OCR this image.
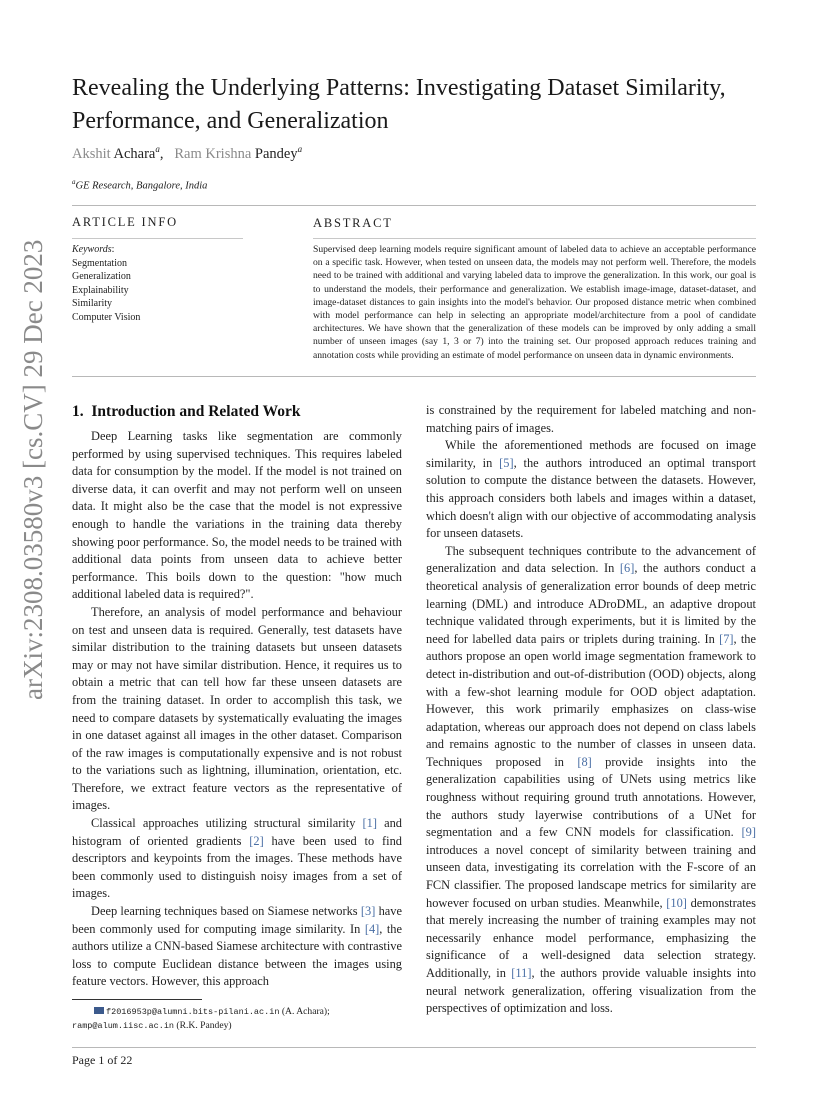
arXiv:2308.03580v3 [cs.CV] 29 Dec 2023
Revealing the Underlying Patterns: Investigating Dataset Similarity, Performance, and Generalization
Akshit Achara$^a$,   Ram Krishna Pandey$^a$
$^a$GE Research, Bangalore, India
ARTICLE INFO	ABSTRACT
Keywords:
Segmentation
Generalization
Explainability
Similarity
Computer Vision
Supervised deep learning models require significant amount of labeled data to achieve an acceptable performance on a specific task. However, when tested on unseen data, the models may not perform well. Therefore, the models need to be trained with additional and varying labeled data to improve the generalization. In this work, our goal is to understand the models, their performance and generalization. We establish image-image, dataset-dataset, and image-dataset distances to gain insights into the model's behavior. Our proposed distance metric when combined with model performance can help in selecting an appropriate model/architecture from a pool of candidate architectures. We have shown that the generalization of these models can be improved by only adding a small number of unseen images (say 1, 3 or 7) into the training set. Our proposed approach reduces training and annotation costs while providing an estimate of model performance on unseen data in dynamic environments.
1. Introduction and Related Work

Deep Learning tasks like segmentation are commonly performed by using supervised techniques. This requires labeled data for consumption by the model. If the model is not trained on diverse data, it can overfit and may not perform well on unseen data. It might also be the case that the model is not expressive enough to handle the variations in the training data thereby showing poor performance. So, the model needs to be trained with additional data points from unseen data to achieve better performance. This boils down to the question: "how much additional labeled data is required?".

Therefore, an analysis of model performance and behaviour on test and unseen data is required. Generally, test datasets have similar distribution to the training datasets but unseen datasets may or may not have similar distribution. Hence, it requires us to obtain a metric that can tell how far these unseen datasets are from the training dataset. In order to accomplish this task, we need to compare datasets by systematically evaluating the images in one dataset against all images in the other dataset. Comparison of the raw images is computationally expensive and is not robust to the variations such as lightning, illumination, orientation, etc. Therefore, we extract feature vectors as the representative of images.

Classical approaches utilizing structural similarity [1] and histogram of oriented gradients [2] have been used to find descriptors and keypoints from the images. These methods have been commonly used to distinguish noisy images from a set of images.

Deep learning techniques based on Siamese networks [3] have been commonly used for computing image similarity. In [4], the authors utilize a CNN-based Siamese architecture with contrastive loss to compute Euclidean distance between the images using feature vectors. However, this approach

is constrained by the requirement for labeled matching and non-matching pairs of images.

While the aforementioned methods are focused on image similarity, in [5], the authors introduced an optimal transport solution to compute the distance between the datasets. However, this approach considers both labels and images within a dataset, which doesn't align with our objective of accommodating analysis for unseen datasets.

The subsequent techniques contribute to the advancement of generalization and data selection. In [6], the authors conduct a theoretical analysis of generalization error bounds of deep metric learning (DML) and introduce ADroDML, an adaptive dropout technique validated through experiments, but it is limited by the need for labelled data pairs or triplets during training. In [7], the authors propose an open world image segmentation framework to detect in-distribution and out-of-distribution (OOD) objects, along with a few-shot learning module for OOD object adaptation. However, this work primarily emphasizes on class-wise adaptation, whereas our approach does not depend on class labels and remains agnostic to the number of classes in unseen data. Techniques proposed in [8] provide insights into the generalization capabilities using of UNets using metrics like roughness without requiring ground truth annotations. However, the authors study layerwise contributions of a UNet for segmentation and a few CNN models for classification. [9] introduces a novel concept of similarity between training and unseen data, investigating its correlation with the F-score of an FCN classifier. The proposed landscape metrics for similarity are however focused on urban studies. Meanwhile, [10] demonstrates that merely increasing the number of training examples may not necessarily enhance model performance, emphasizing the significance of a well-designed data selection strategy. Additionally, in [11], the authors provide valuable insights into neural network generalization, offering visualization from the perspectives of optimization and loss.

f2016953p@alumni.bits-pilani.ac.in (A. Achara);
ramp@alum.iisc.ac.in (R.K. Pandey)
Page 1 of 22
